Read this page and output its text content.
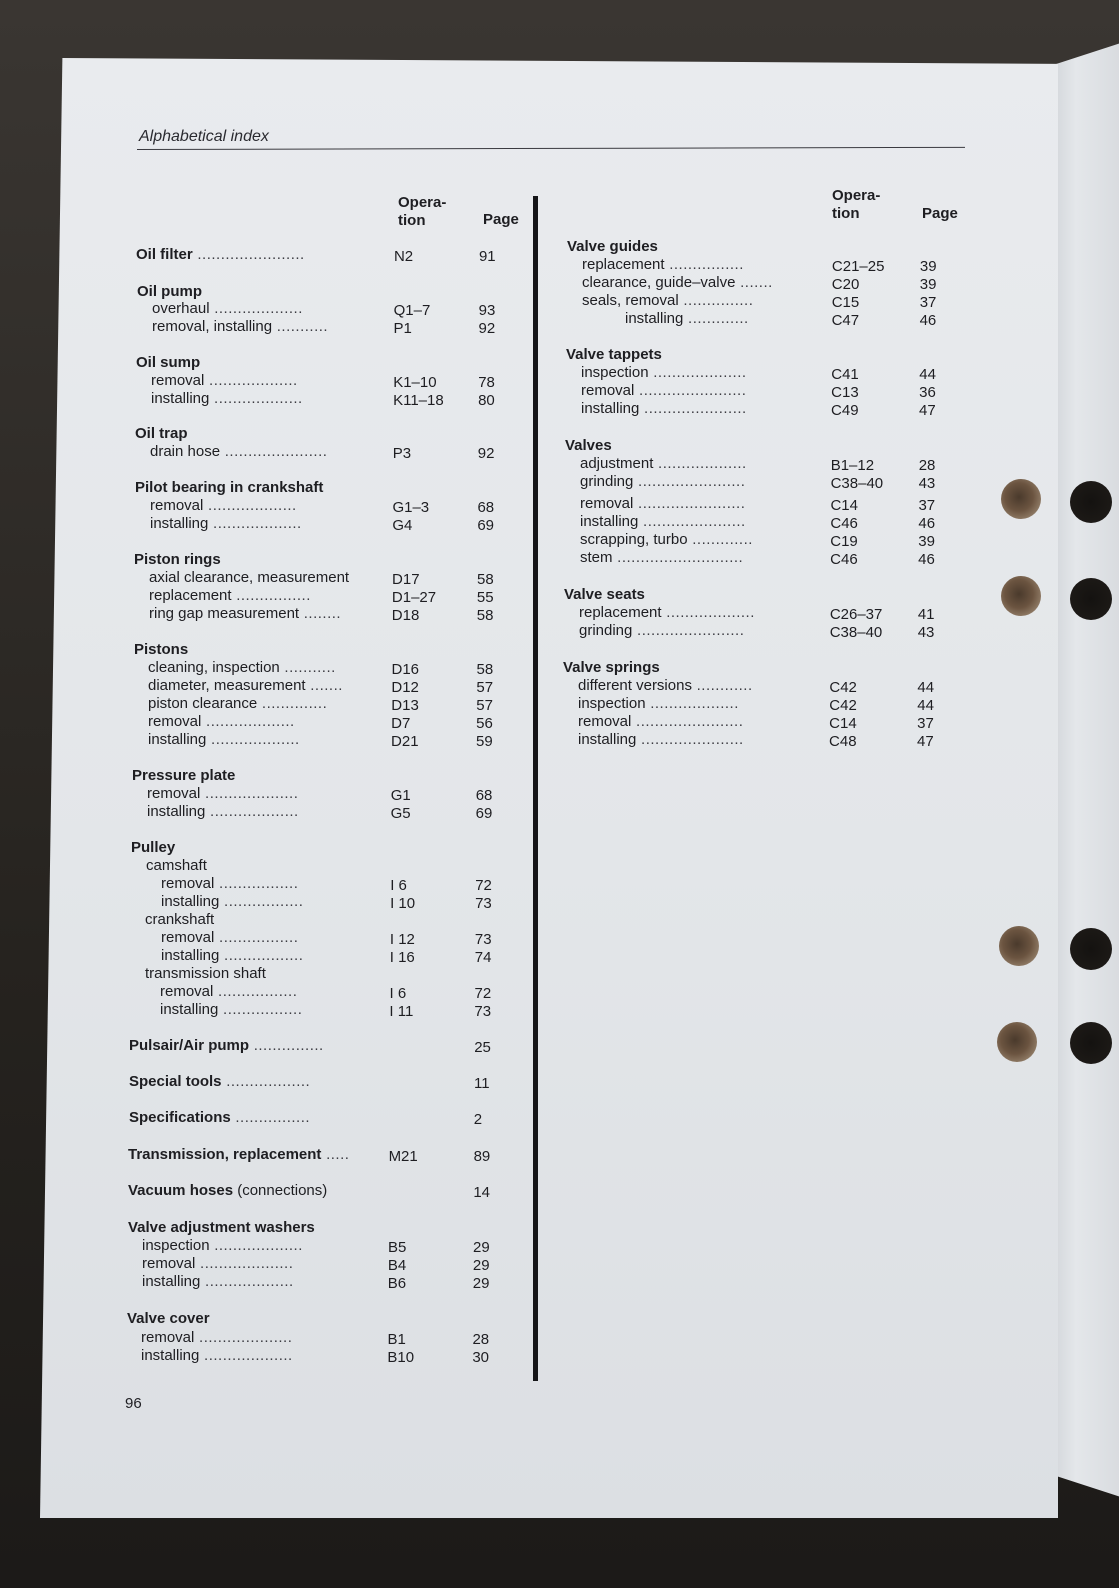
Alphabetical index
Opera-
tion	Page
Opera-
tion	Page
Oil filter .......................	N2	91
Oil pump
overhaul ...................	Q1–7	93
removal, installing ...........	P1	92
Oil sump
removal ...................	K1–10	78
installing ...................	K11–18 80
Oil trap
drain hose ......................	P3	92
Pilot bearing in crankshaft
removal ...................	G1–3	68
installing ...................	G4	69
Piston rings
axial clearance, measurement	D17	58
replacement ................	D1–27	55
ring gap measurement ........	D18	58
Pistons
cleaning, inspection ...........	D16	58
diameter, measurement .......	D12	57
piston clearance ..............	D13	57
removal ...................	D7	56
installing ...................	D21	59
Pressure plate
removal ....................	G1	68
installing ...................	G5	69
Pulley
camshaft
removal .................	I 6	72
installing .................	I 10	73
crankshaft
removal .................	I 12	73
installing .................	I 16	74
transmission shaft
removal .................	I 6	72
installing .................	I 11	73
Pulsair/Air pump ...............	25
Special tools ..................	11
Specifications ................	2
Transmission, replacement .....	M21	89
Vacuum hoses (connections)	14
Valve adjustment washers
inspection ...................	B5	29
removal ....................	B4	29
installing ...................	B6	29
Valve cover
removal ....................	B1	28
installing ...................	B10	30
Valve guides
replacement ................	C21–25 39
clearance, guide–valve .......	C20	39
seals, removal ...............	C15	37
installing .............	C47	46
Valve tappets
inspection ....................	C41	44
removal .......................	C13	36
installing ......................	C49	47
Valves
adjustment ...................	B1–12	28
grinding .......................	C38–40 43
removal .......................	C14	37
installing ......................	C46	46
scrapping, turbo .............	C19	39
stem ...........................	C46	46
Valve seats
replacement ...................	C26–37 41
grinding .......................	C38–40 43
Valve springs
different versions ............	C42	44
inspection ...................	C42	44
removal .......................	C14	37
installing ......................	C48	47
96
